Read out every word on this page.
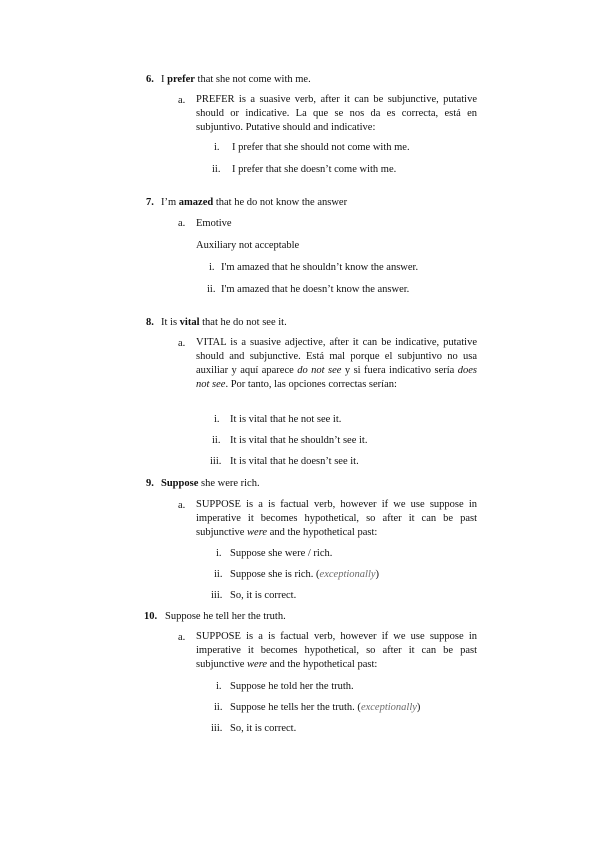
6. I prefer that she not come with me.
a. PREFER is a suasive verb, after it can be subjunctive, putative should or indicative. La que se nos da es correcta, está en subjuntivo. Putative should and indicative:
i. I prefer that she should not come with me.
ii. I prefer that she doesn’t come with me.
7. I’m amazed that he do not know the answer
a. Emotive
Auxiliary not acceptable
i. I'm amazed that he shouldn’t know the answer.
ii. I'm amazed that he doesn’t know the answer.
8. It is vital that he do not see it.
a. VITAL is a suasive adjective, after it can be indicative, putative should and subjunctive. Está mal porque el subjuntivo no usa auxiliar y aquí aparece do not see y si fuera indicativo sería does not see. Por tanto, las opciones correctas serían:
i. It is vital that he not see it.
ii. It is vital that he shouldn’t see it.
iii. It is vital that he doesn’t see it.
9. Suppose she were rich.
a. SUPPOSE is a is factual verb, however if we use suppose in imperative it becomes hypothetical, so after it can be past subjunctive were and the hypothetical past:
i. Suppose she were / rich.
ii. Suppose she is rich. (exceptionally)
iii. So, it is correct.
10. Suppose he tell her the truth.
a. SUPPOSE is a is factual verb, however if we use suppose in imperative it becomes hypothetical, so after it can be past subjunctive were and the hypothetical past:
i. Suppose he told her the truth.
ii. Suppose he tells her the truth. (exceptionally)
iii. So, it is correct.
